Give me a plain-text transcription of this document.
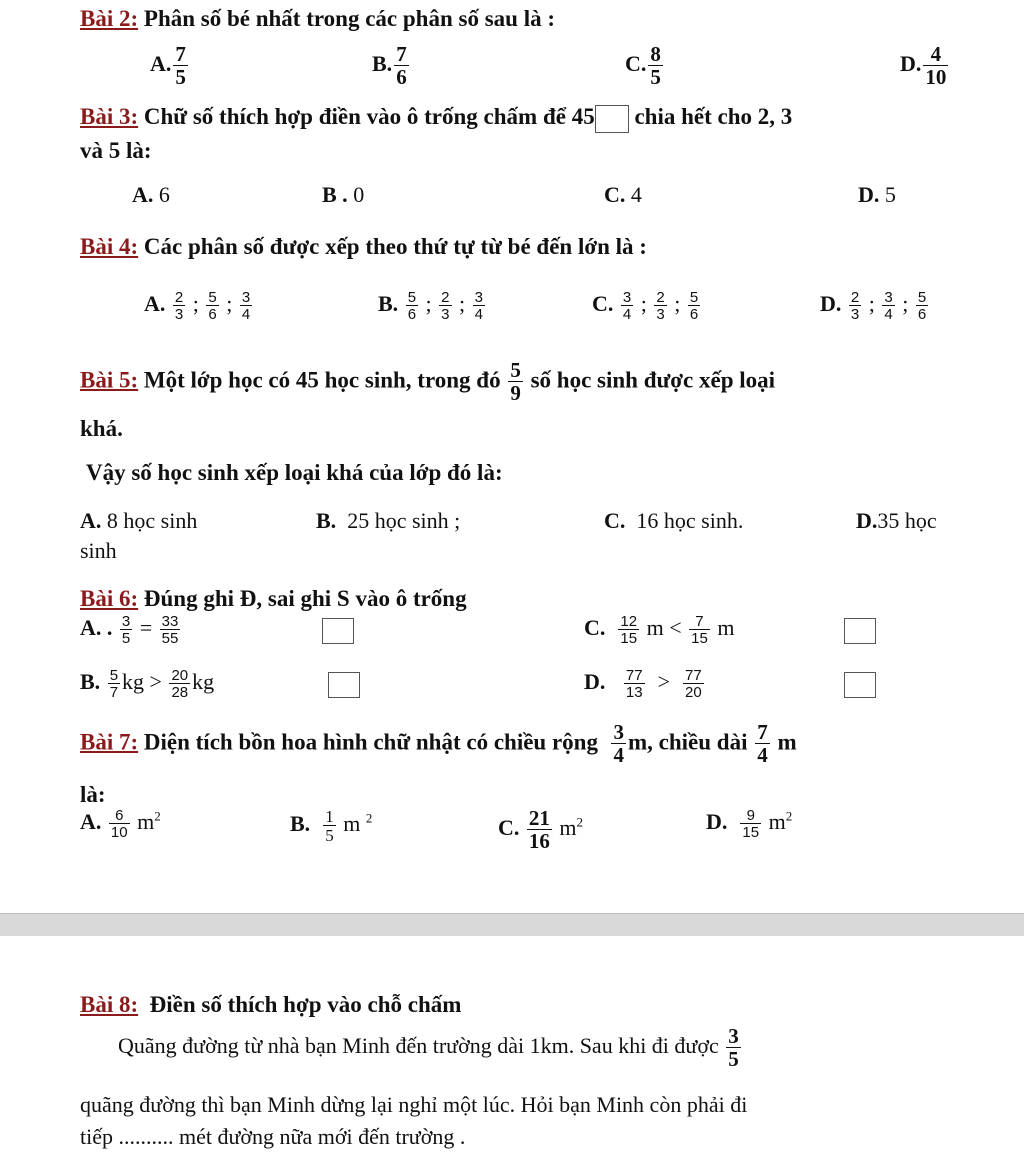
Bài 2: Phân số bé nhất trong các phân số sau là :
A. $\frac{7}{5}$	B. $\frac{7}{6}$	C. $\frac{8}{5}$	D. $\frac{4}{10}$
Bài 3: Chữ số thích hợp điền vào ô trống chấm để 45 chia hết cho 2, 3
và 5 là:
A. 6	B . 0	C. 4	D. 5
Bài 4: Các phân số được xếp theo thứ tự từ bé đến lớn là :
A. $\frac{2}{3}$ ; $\frac{5}{6}$ ; $\frac{3}{4}$	B. $\frac{5}{6}$ ; $\frac{2}{3}$ ; $\frac{3}{4}$	C. $\frac{3}{4}$ ; $\frac{2}{3}$ ; $\frac{5}{6}$	D. $\frac{2}{3}$ ; $\frac{3}{4}$ ; $\frac{5}{6}$
Bài 5: Một lớp học có 45 học sinh, trong đó $\frac{5}{9}$ số học sinh được xếp loại
khá.
Vậy số học sinh xếp loại khá của lớp đó là:
A. 8 học sinh	B. 25 học sinh ;	C. 16 học sinh.	D.35 học
sinh
Bài 6: Đúng ghi Đ, sai ghi S vào ô trống
A. . $\frac{3}{5} = \frac{33}{55}$	C. $\frac{12}{15}$ $m < \frac{7}{15}$ m
B. $\frac{5}{7}$ kg > $\frac{20}{28}$ kg	D. $\frac{77}{13} > \frac{77}{20}$
Bài 7: Diện tích bồn hoa hình chữ nhật có chiều rộng $\frac{3}{4} m$, chiều dài $\frac{7}{4}$ m
là:
A. $\frac{6}{10} m^2$	B. $\frac{1}{5}$ m $^2$	C. $\frac{21}{16} m^2$	D. $\frac{9}{15} m^2$
Bài 8: Điền số thích hợp vào chỗ chấm
Quãng đường từ nhà bạn Minh đến trường dài 1km. Sau khi đi được $\frac{3}{5}$
quãng đường thì bạn Minh dừng lại nghỉ một lúc. Hỏi bạn Minh còn phải đi
tiếp .......... mét đường nữa mới đến trường .
